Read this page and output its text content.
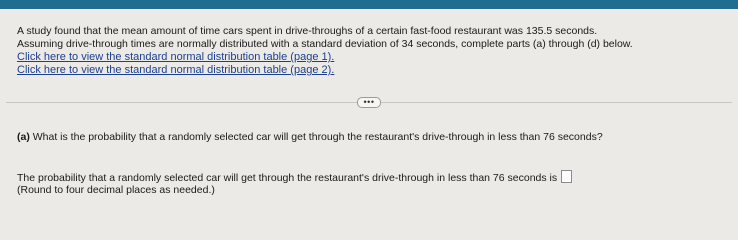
A study found that the mean amount of time cars spent in drive-throughs of a certain fast-food restaurant was 135.5 seconds.

Assuming drive-through times are normally distributed with a standard deviation of 34 seconds, complete parts (a) through (d) below.

Click here to view the standard normal distribution table (page 1).
Click here to view the standard normal distribution table (page 2).
•••
(a) What is the probability that a randomly selected car will get through the restaurant's drive-through in less than 76 seconds?
The probability that a randomly selected car will get through the restaurant's drive-through in less than 76 seconds is
(Round to four decimal places as needed.)
